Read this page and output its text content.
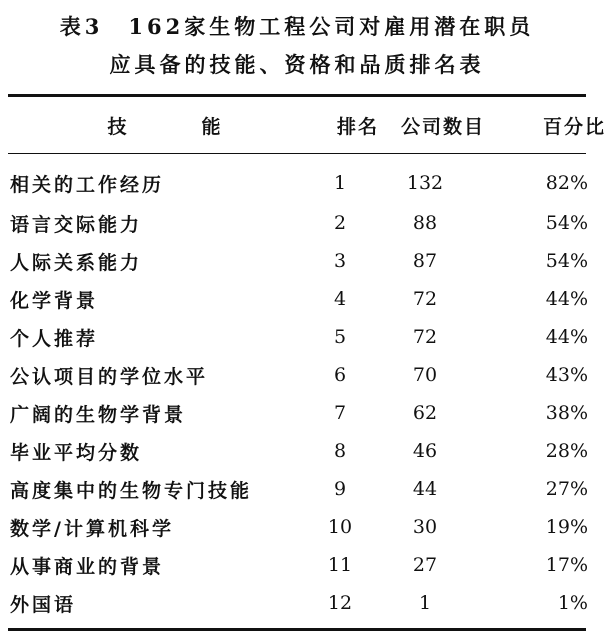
表3　162家生物工程公司对雇用潜在职员
应具备的技能、资格和品质排名表
技　能	排名	公司数目	百分比
相关的工作经历	1	132	82%
语言交际能力	2	88	54%
人际关系能力	3	87	54%
化学背景	4	72	44%
个人推荐	5	72	44%
公认项目的学位水平	6	70	43%
广阔的生物学背景	7	62	38%
毕业平均分数	8	46	28%
高度集中的生物专门技能	9	44	27%
数学/计算机科学	10	30	19%
从事商业的背景	11	27	17%
外国语	12	1	1%
